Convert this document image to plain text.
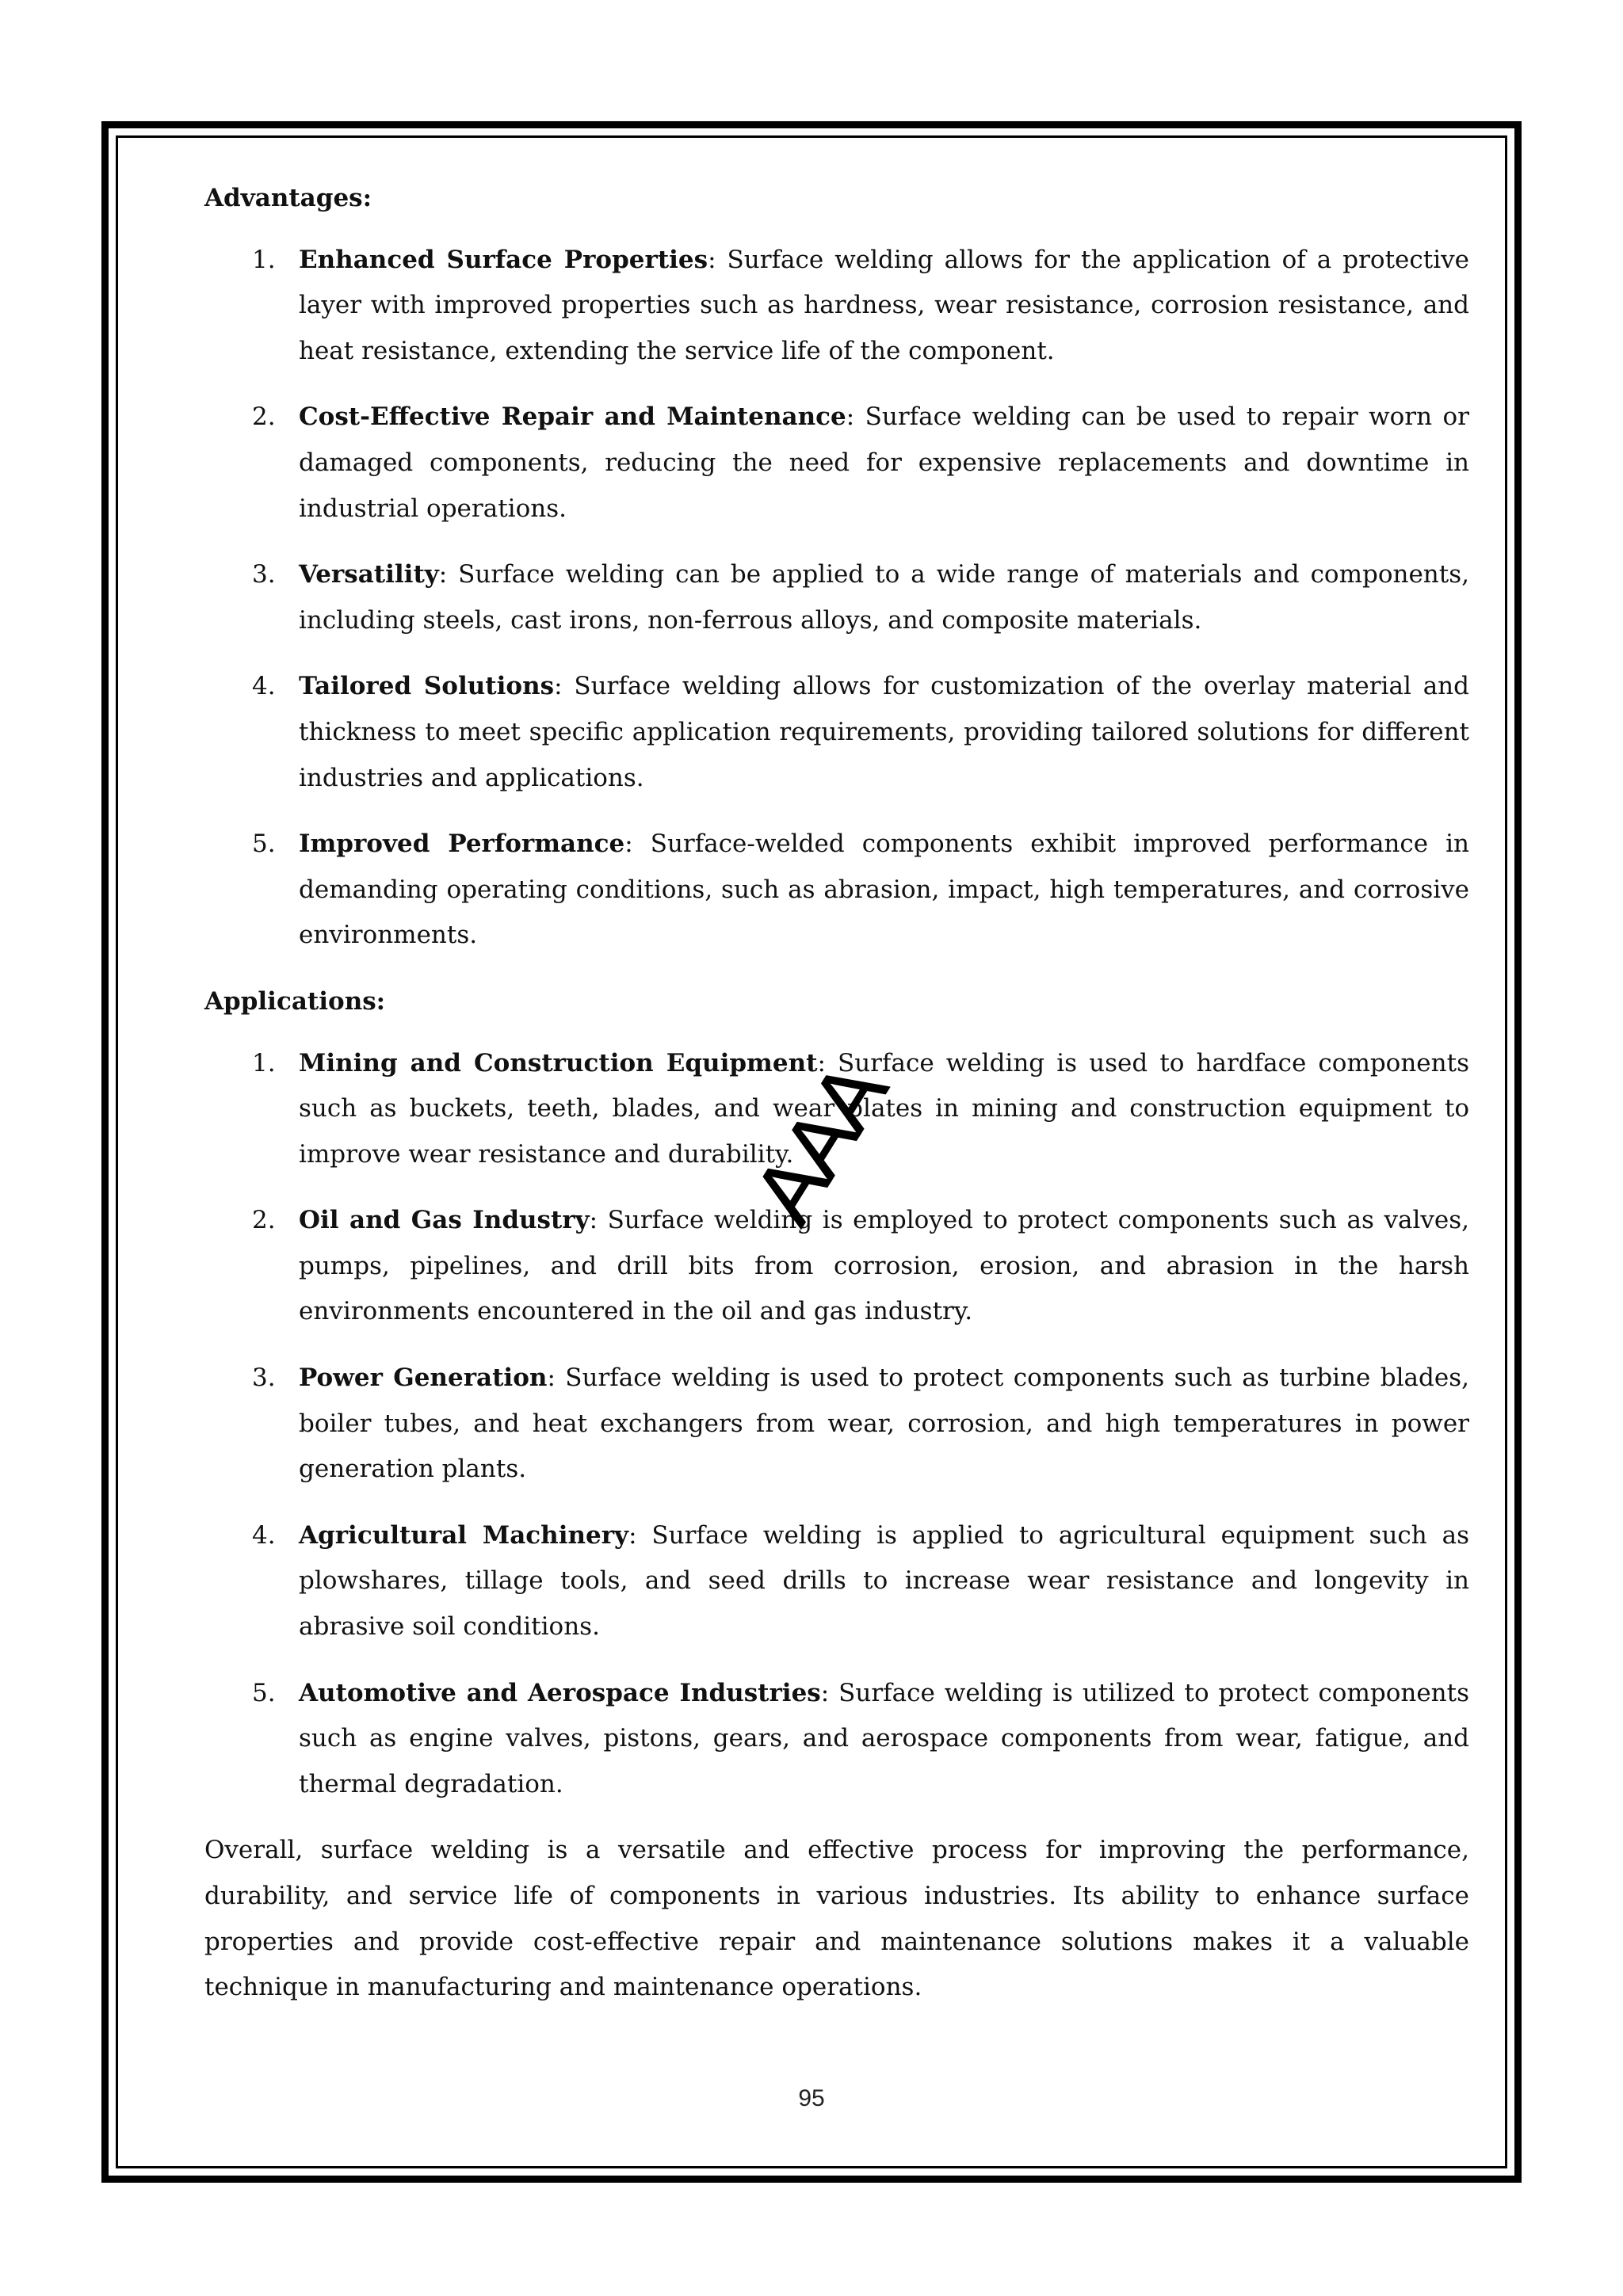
Advantages:

1. Enhanced Surface Properties: Surface welding allows for the application of a protective layer with improved properties such as hardness, wear resistance, corrosion resistance, and heat resistance, extending the service life of the component.
2. Cost-Effective Repair and Maintenance: Surface welding can be used to repair worn or damaged components, reducing the need for expensive replacements and downtime in industrial operations.
3. Versatility: Surface welding can be applied to a wide range of materials and components, including steels, cast irons, non-ferrous alloys, and composite materials.
4. Tailored Solutions: Surface welding allows for customization of the overlay material and thickness to meet specific application requirements, providing tailored solutions for different industries and applications.
5. Improved Performance: Surface-welded components exhibit improved performance in demanding operating conditions, such as abrasion, impact, high temperatures, and corrosive environments.

Applications:

1. Mining and Construction Equipment: Surface welding is used to hardface components such as buckets, teeth, blades, and wear plates in mining and construction equipment to improve wear resistance and durability.
2. Oil and Gas Industry: Surface welding is employed to protect components such as valves, pumps, pipelines, and drill bits from corrosion, erosion, and abrasion in the harsh environments encountered in the oil and gas industry.
3. Power Generation: Surface welding is used to protect components such as turbine blades, boiler tubes, and heat exchangers from wear, corrosion, and high temperatures in power generation plants.
4. Agricultural Machinery: Surface welding is applied to agricultural equipment such as plowshares, tillage tools, and seed drills to increase wear resistance and longevity in abrasive soil conditions.
5. Automotive and Aerospace Industries: Surface welding is utilized to protect components such as engine valves, pistons, gears, and aerospace components from wear, fatigue, and thermal degradation.

Overall, surface welding is a versatile and effective process for improving the performance, durability, and service life of components in various industries. Its ability to enhance surface properties and provide cost-effective repair and maintenance solutions makes it a valuable technique in manufacturing and maintenance operations.

AAA
95
